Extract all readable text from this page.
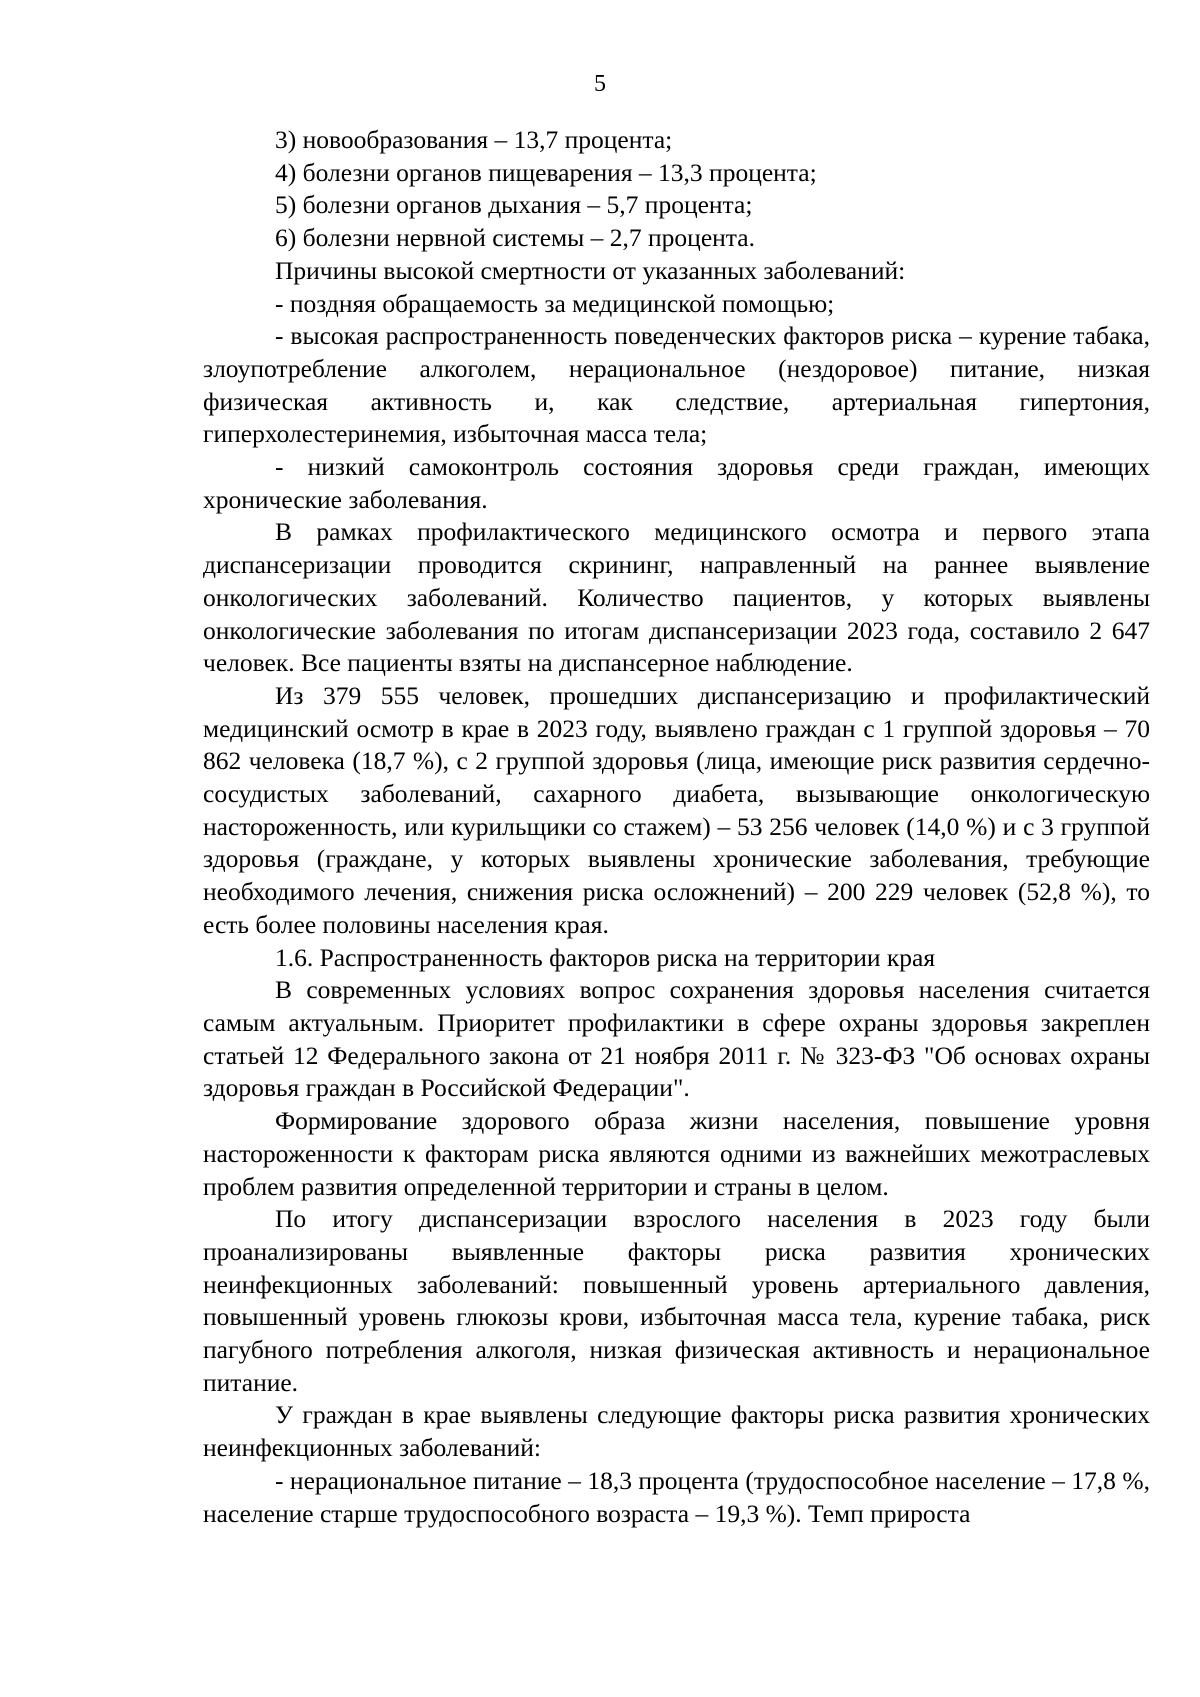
5

3) новообразования – 13,7 процента;

4) болезни органов пищеварения – 13,3 процента;

5) болезни органов дыхания – 5,7 процента;

6) болезни нервной системы – 2,7 процента.

Причины высокой смертности от указанных заболеваний:

- поздняя обращаемость за медицинской помощью;

- высокая распространенность поведенческих факторов риска – курение табака, злоупотребление алкоголем, нерациональное (нездоровое) питание, низкая физическая активность и, как следствие, артериальная гипертония, гиперхолестеринемия, избыточная масса тела;

- низкий самоконтроль состояния здоровья среди граждан, имеющих хронические заболевания.

В рамках профилактического медицинского осмотра и первого этапа диспансеризации проводится скрининг, направленный на раннее выявление онкологических заболеваний. Количество пациентов, у которых выявлены онкологические заболевания по итогам диспансеризации 2023 года, составило 2 647 человек. Все пациенты взяты на диспансерное наблюдение.

Из 379 555 человек, прошедших диспансеризацию и профилактический медицинский осмотр в крае в 2023 году, выявлено граждан с 1 группой здоровья – 70 862 человека (18,7 %), с 2 группой здоровья (лица, имеющие риск развития сердечно-сосудистых заболеваний, сахарного диабета, вызывающие онкологическую настороженность, или курильщики со стажем) – 53 256 человек (14,0 %) и с 3 группой здоровья (граждане, у которых выявлены хронические заболевания, требующие необходимого лечения, снижения риска осложнений) – 200 229 человек (52,8 %), то есть более половины населения края.

1.6. Распространенность факторов риска на территории края

В современных условиях вопрос сохранения здоровья населения считается самым актуальным. Приоритет профилактики в сфере охраны здоровья закреплен статьей 12 Федерального закона от 21 ноября 2011 г. № 323-ФЗ "Об основах охраны здоровья граждан в Российской Федерации".

Формирование здорового образа жизни населения, повышение уровня настороженности к факторам риска являются одними из важнейших межотраслевых проблем развития определенной территории и страны в целом.

По итогу диспансеризации взрослого населения в 2023 году были проанализированы выявленные факторы риска развития хронических неинфекционных заболеваний: повышенный уровень артериального давления, повышенный уровень глюкозы крови, избыточная масса тела, курение табака, риск пагубного потребления алкоголя, низкая физическая активность и нерациональное питание.

У граждан в крае выявлены следующие факторы риска развития хронических неинфекционных заболеваний:

- нерациональное питание – 18,3 процента (трудоспособное население – 17,8 %, население старше трудоспособного возраста – 19,3 %). Темп прироста
